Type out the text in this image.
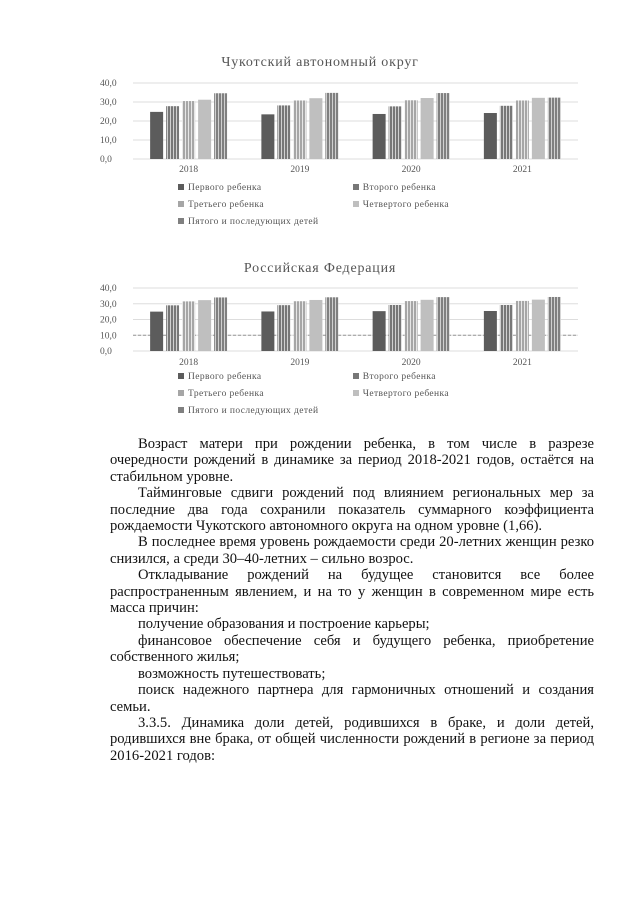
Чукотский автономный округ
0,0
10,0
20,0
30,0
40,0
2018	2019	2020	2021
Первого ребенка	Второго ребенка
Третьего ребенка	Четвертого ребенка
Пятого и последующих детей
Российская Федерация
0,0
10,0
20,0
30,0
40,0
2018	2019	2020	2021
Первого ребенка	Второго ребенка
Третьего ребенка	Четвертого ребенка
Пятого и последующих детей

Возраст матери при рождении ребенка, в том числе в разрезе очередности рождений в динамике за период 2018-2021 годов, остаётся на стабильном уровне.

Тайминговые сдвиги рождений под влиянием региональных мер за последние два года сохранили показатель суммарного коэффициента рождаемости Чукотского автономного округа на одном уровне (1,66).

В последнее время уровень рождаемости среди 20-летних женщин резко снизился, а среди 30–40-летних – сильно возрос.

Откладывание рождений на будущее становится все более распространенным явлением, и на то у женщин в современном мире есть масса причин:

получение образования и построение карьеры;

финансовое обеспечение себя и будущего ребенка, приобретение собственного жилья;

возможность путешествовать;

поиск надежного партнера для гармоничных отношений и создания семьи.

3.3.5. Динамика доли детей, родившихся в браке, и доли детей, родившихся вне брака, от общей численности рождений в регионе за период 2016-2021 годов:
